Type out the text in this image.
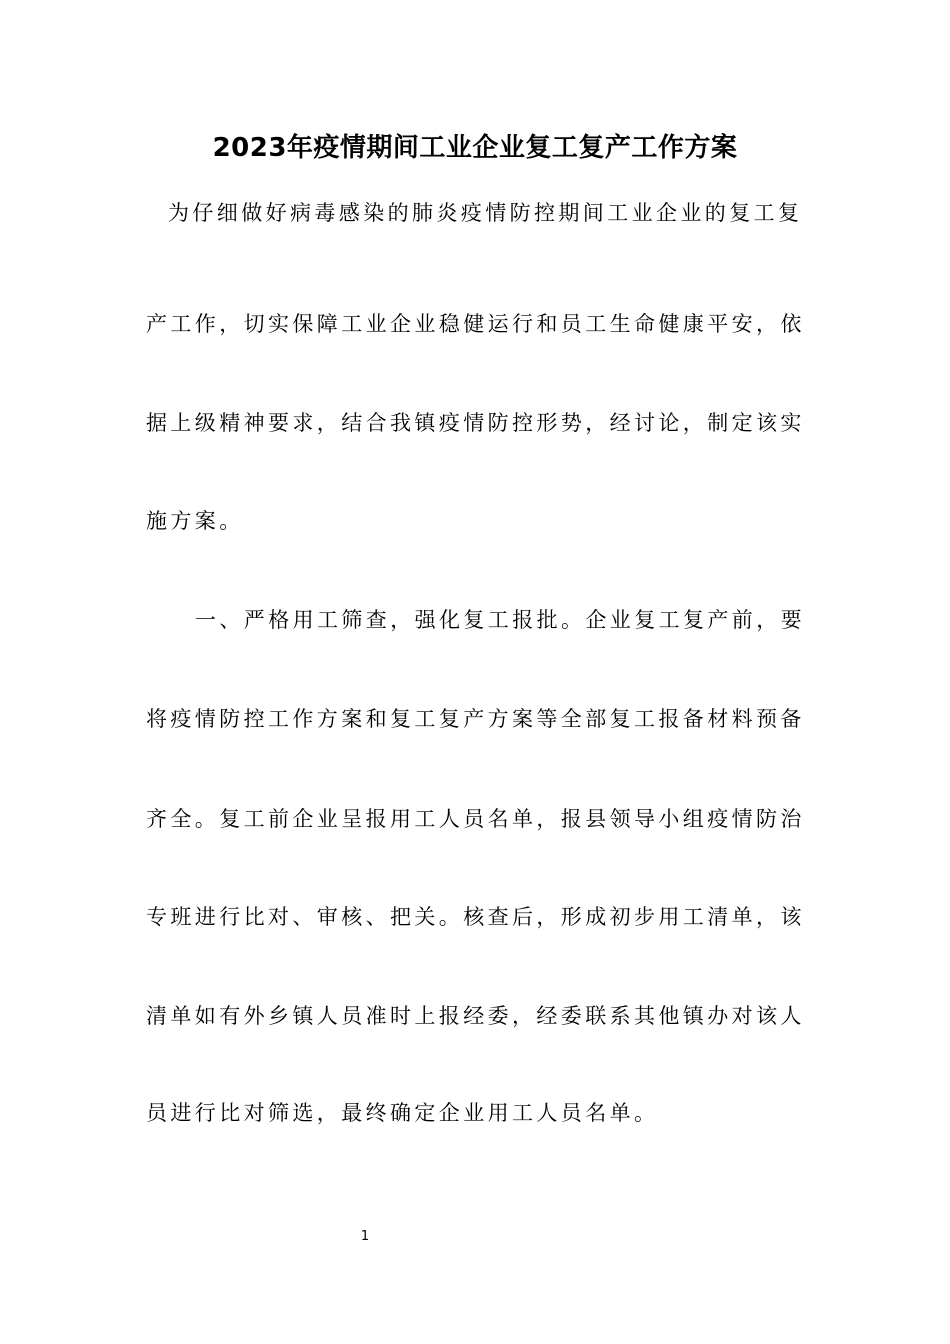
2023年疫情期间工业企业复工复产工作方案
为仔细做好病毒感染的肺炎疫情防控期间工业企业的复工复
产工作，切实保障工业企业稳健运行和员工生命健康平安，依
据上级精神要求，结合我镇疫情防控形势，经讨论，制定该实
施方案。
一、严格用工筛查，强化复工报批。企业复工复产前，要
将疫情防控工作方案和复工复产方案等全部复工报备材料预备
齐全。复工前企业呈报用工人员名单，报县领导小组疫情防治
专班进行比对、审核、把关。核查后，形成初步用工清单，该
清单如有外乡镇人员准时上报经委，经委联系其他镇办对该人
员进行比对筛选，最终确定企业用工人员名单。
1
